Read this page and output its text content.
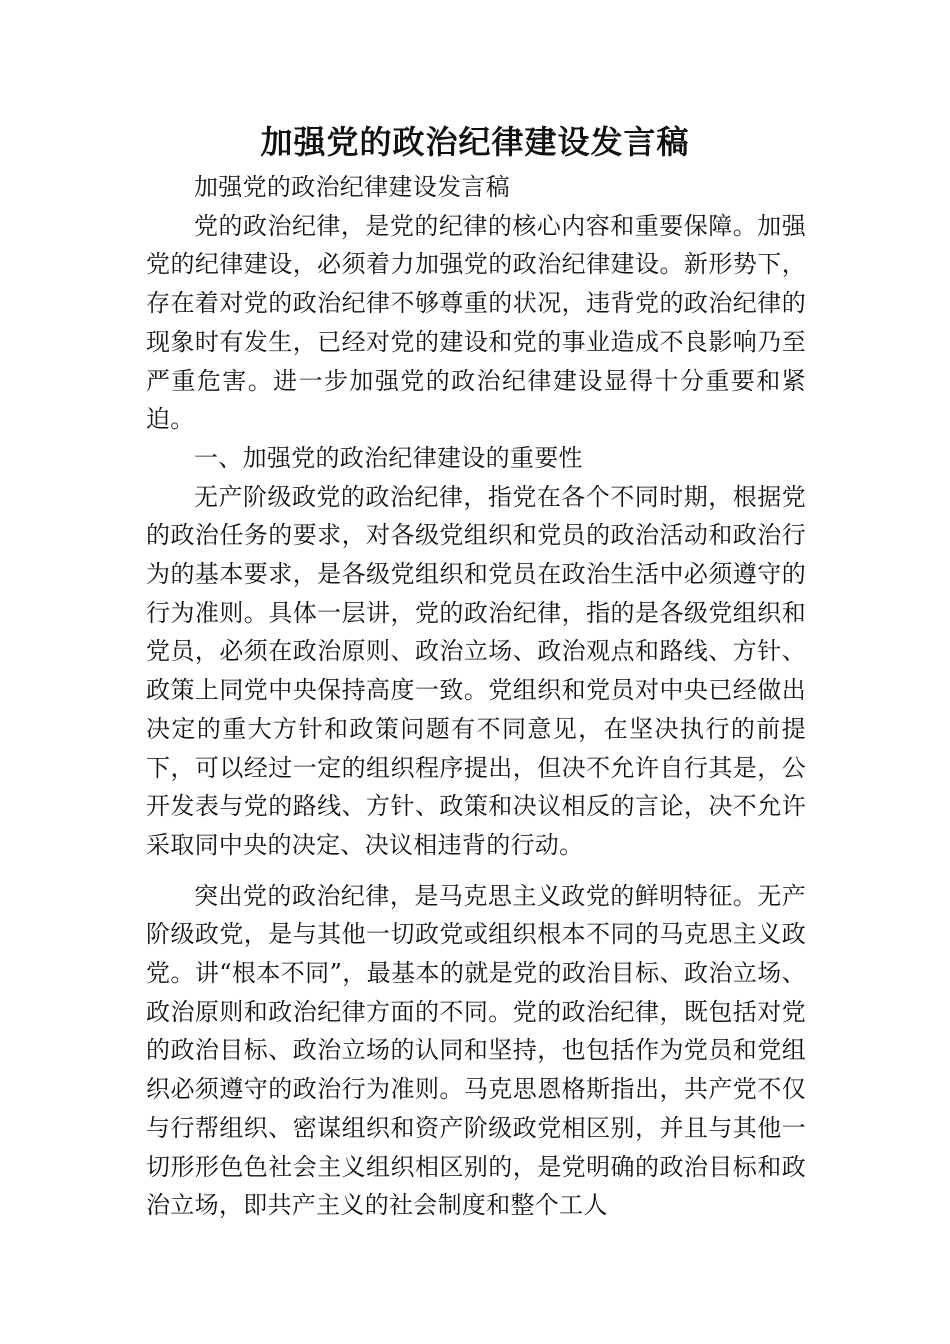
加强党的政治纪律建设发言稿

加强党的政治纪律建设发言稿

党的政治纪律，是党的纪律的核心内容和重要保障。加强党的纪律建设，必须着力加强党的政治纪律建设。新形势下，存在着对党的政治纪律不够尊重的状况，违背党的政治纪律的现象时有发生，已经对党的建设和党的事业造成不良影响乃至严重危害。进一步加强党的政治纪律建设显得十分重要和紧迫。

一、加强党的政治纪律建设的重要性

无产阶级政党的政治纪律，指党在各个不同时期，根据党的政治任务的要求，对各级党组织和党员的政治活动和政治行为的基本要求，是各级党组织和党员在政治生活中必须遵守的行为准则。具体一层讲，党的政治纪律，指的是各级党组织和党员，必须在政治原则、政治立场、政治观点和路线、方针、政策上同党中央保持高度一致。党组织和党员对中央已经做出决定的重大方针和政策问题有不同意见，在坚决执行的前提下，可以经过一定的组织程序提出，但决不允许自行其是，公开发表与党的路线、方针、政策和决议相反的言论，决不允许采取同中央的决定、决议相违背的行动。

突出党的政治纪律，是马克思主义政党的鲜明特征。无产阶级政党，是与其他一切政党或组织根本不同的马克思主义政党。讲“根本不同”，最基本的就是党的政治目标、政治立场、政治原则和政治纪律方面的不同。党的政治纪律，既包括对党的政治目标、政治立场的认同和坚持，也包括作为党员和党组织必须遵守的政治行为准则。马克思恩格斯指出，共产党不仅与行帮组织、密谋组织和资产阶级政党相区别，并且与其他一切形形色色社会主义组织相区别的，是党明确的政治目标和政治立场，即共产主义的社会制度和整个工人
